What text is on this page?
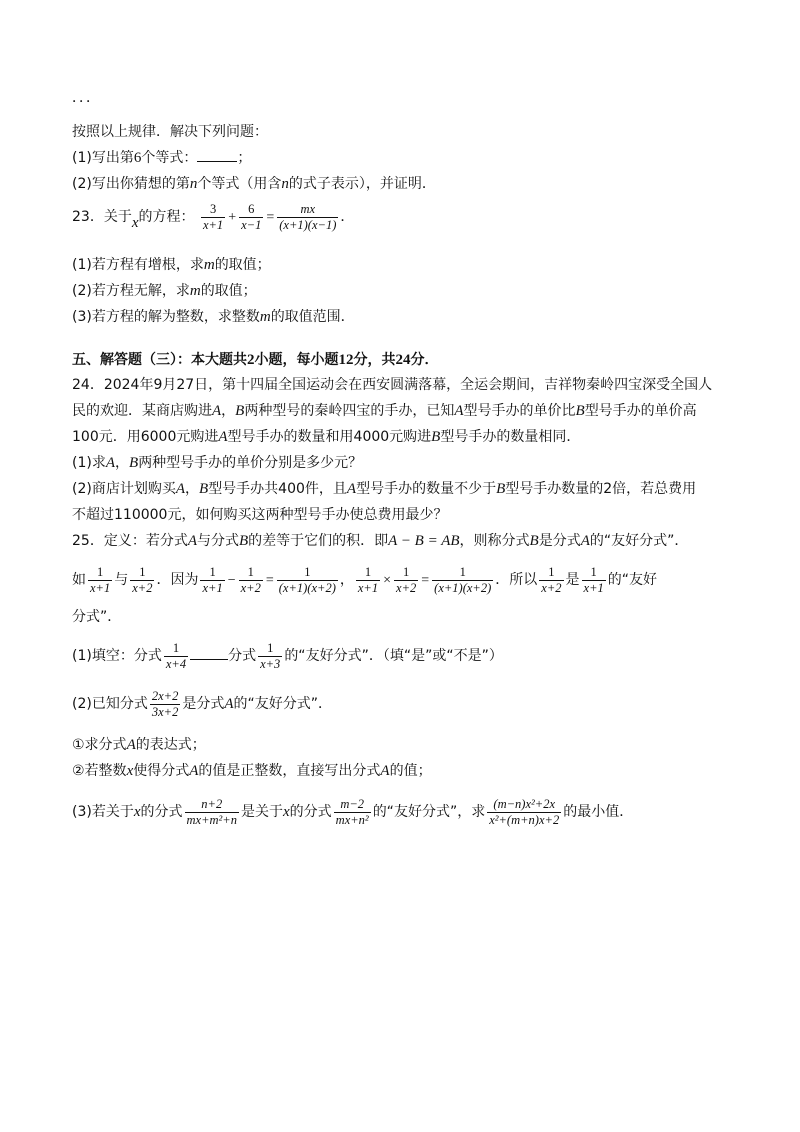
．．．
按照以上规律．解决下列问题：
(1)写出第6个等式：	；
(2)写出你猜想的第n个等式（用含n的式子表示），并证明．
23．关于x的方程： $\frac{3}{x+1} + \frac{6}{x-1} = \frac{mx}{(x+1)(x-1)}$ ．
(1)若方程有增根，求m的取值；
(2)若方程无解，求m的取值；
(3)若方程的解为整数，求整数m的取值范围．
五、解答题（三）：本大题共2小题，每小题12分，共24分．
24．2024年9月27日，第十四届全国运动会在西安圆满落幕，全运会期间，吉祥物秦岭四宝深受全国人
民的欢迎．某商店购进A，B两种型号的秦岭四宝的手办，已知A型号手办的单价比B型号手办的单价高
100元．用6000元购进A型号手办的数量和用4000元购进B型号手办的数量相同．
(1)求A，B两种型号手办的单价分别是多少元？
(2)商店计划购买A，B型号手办共400件，且A型号手办的数量不少于B型号手办数量的2倍，若总费用
不超过110000元，如何购买这两种型号手办使总费用最少？
25．定义：若分式A与分式B的差等于它们的积．即A − B = AB，则称分式B是分式A的“友好分式”．
如 $\frac{1}{x+1}$ 与 $\frac{1}{x+2}$ ．因为 $\frac{1}{x+1} - \frac{1}{x+2} = \frac{1}{(x+1)(x+2)}$ ， $\frac{1}{x+1} \times \frac{1}{x+2} = \frac{1}{(x+1)(x+2)}$ ．所以 $\frac{1}{x+2}$ 是 $\frac{1}{x+1}$ 的“友好
分式”．
(1)填空：分式 $\frac{1}{x+4}$	分式 $\frac{1}{x+3}$ 的“友好分式”．（填“是”或“不是”）
(2)已知分式 $\frac{2x+2}{3x+2}$ 是分式A的“友好分式”．
①求分式A的表达式；
②若整数x使得分式A的值是正整数，直接写出分式A的值；
(3)若关于x的分式 $\frac{n+2}{\text{mx+m²+n}}$ 是关于x的分式 $\frac{m-2}{\text{mx+n²}}$ 的“友好分式”，求 $\frac{\text{(m−n)x²+2x}}{\text{x²+(m+n)x+2}}$ 的最小值．
